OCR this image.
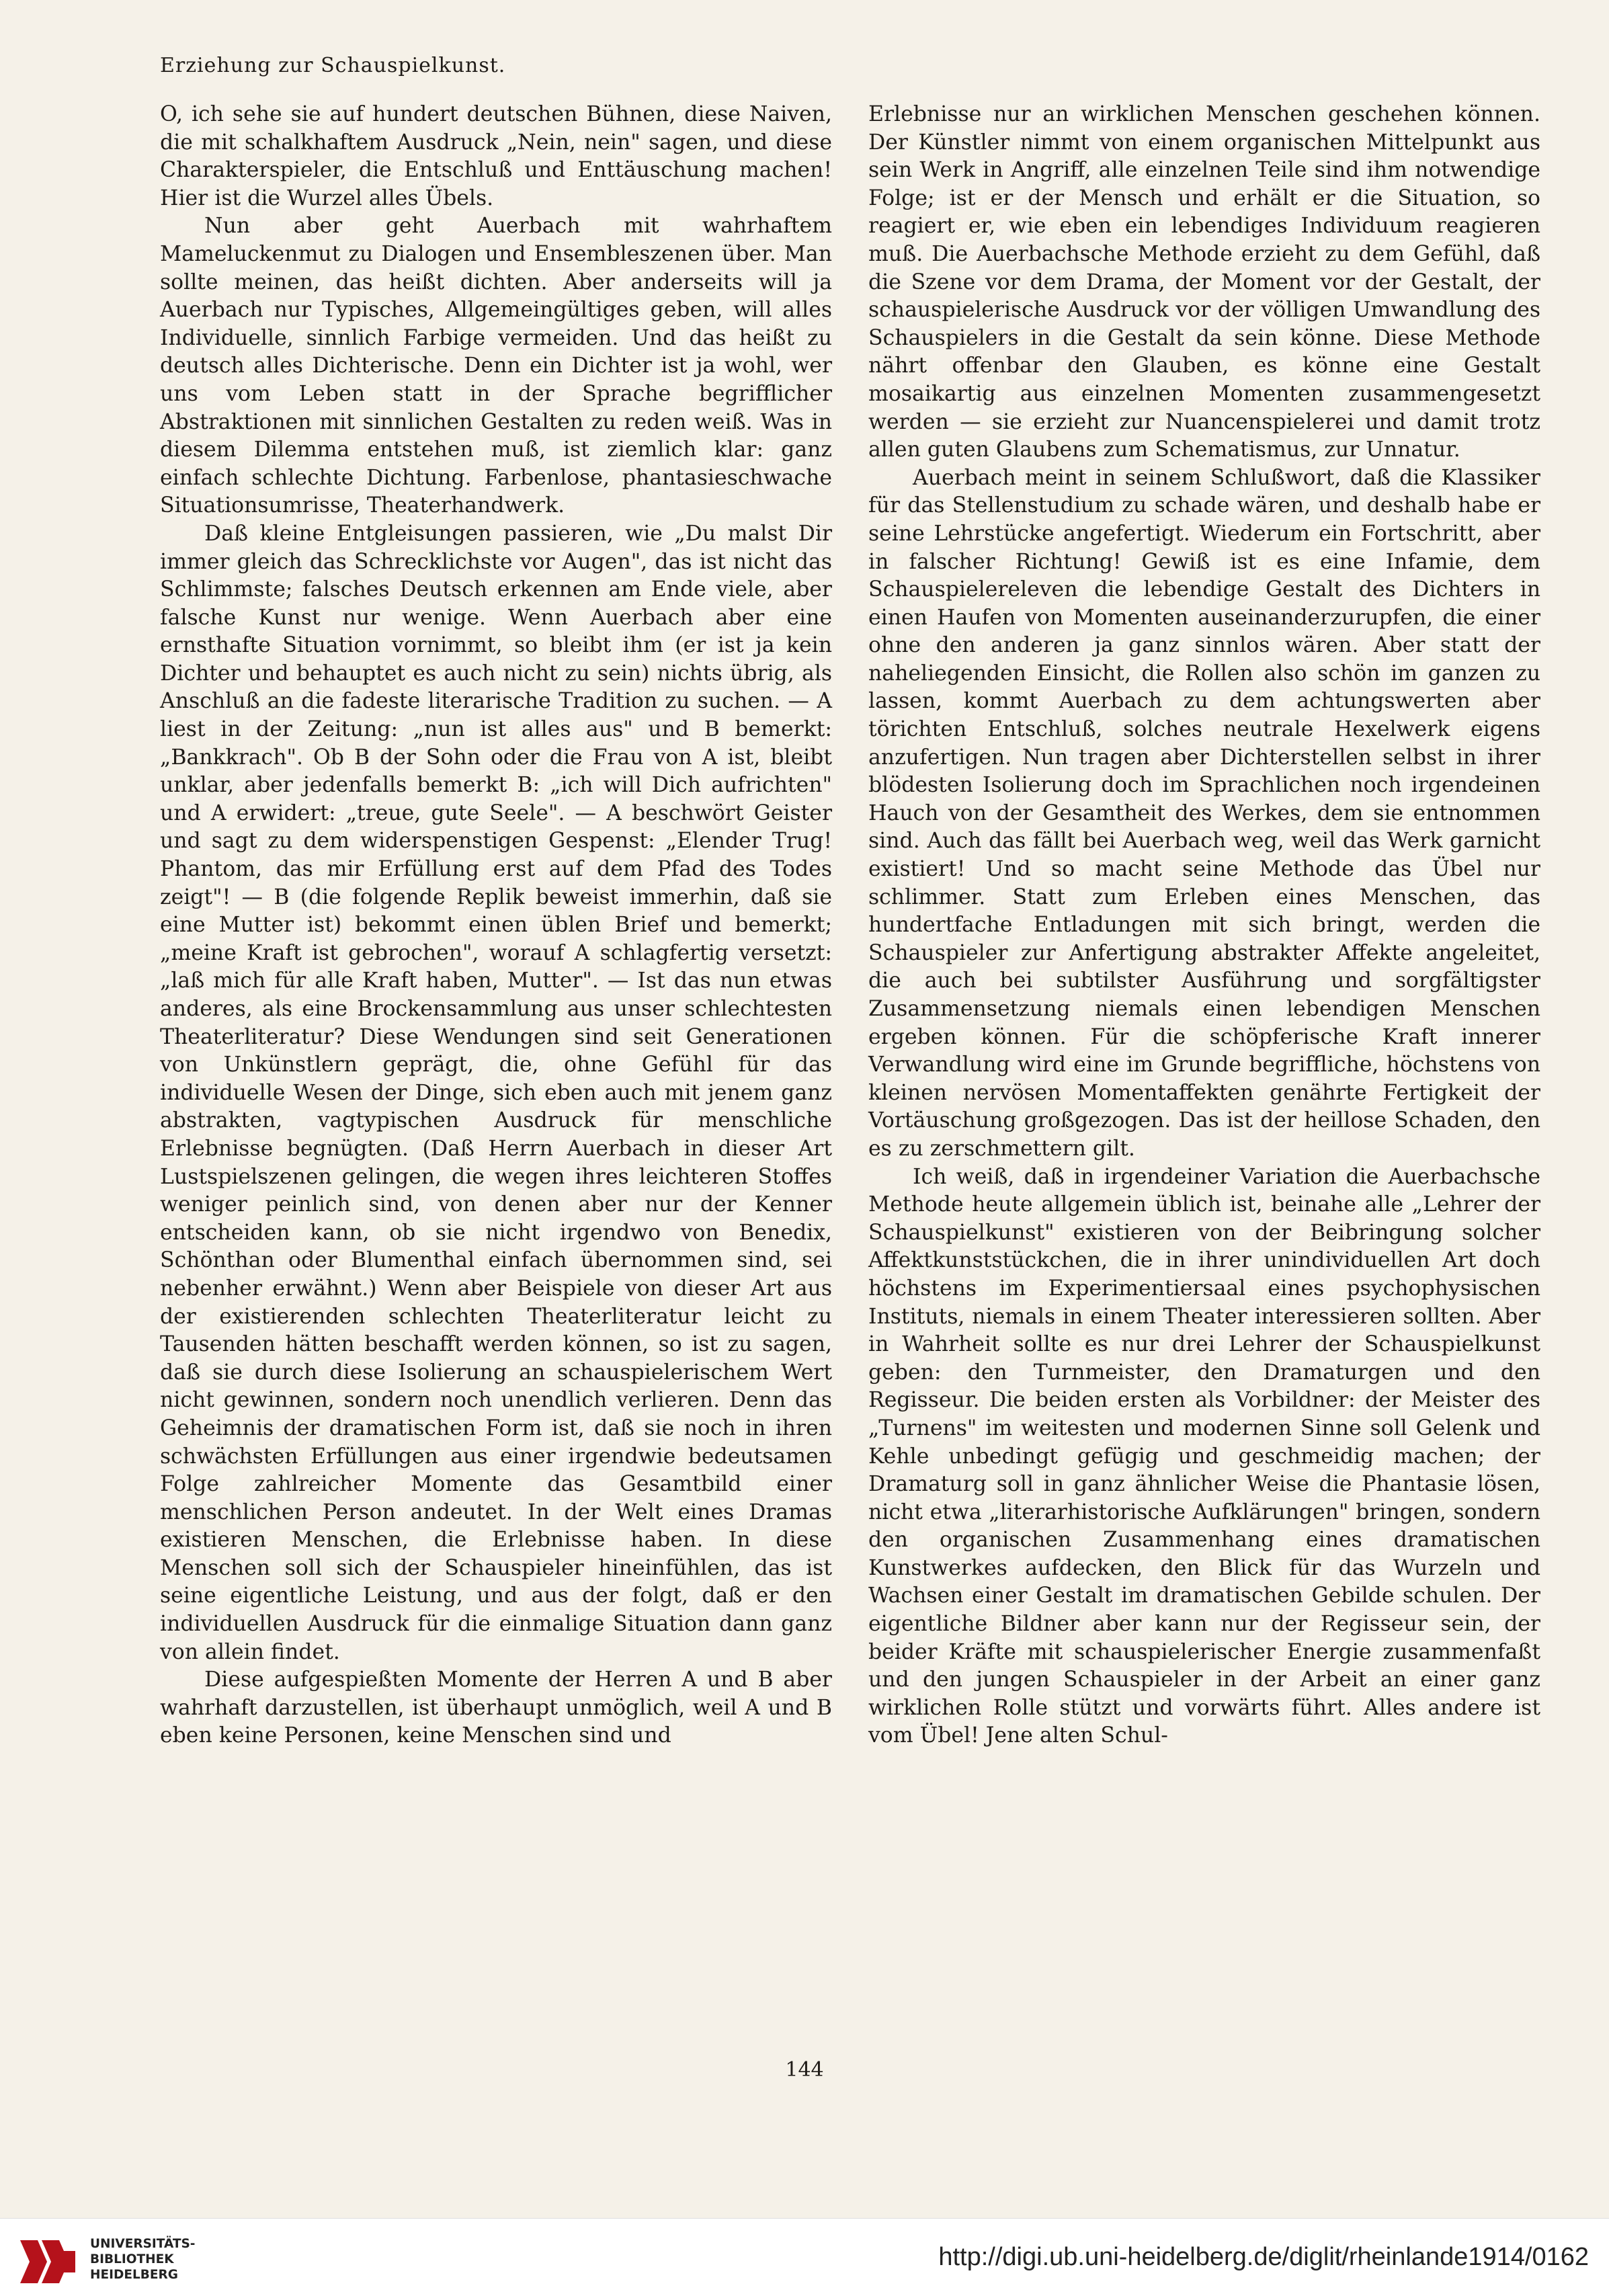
Erziehung zur Schauspielkunst.

O, ich sehe sie auf hundert deutschen Bühnen, diese Naiven, die mit schalkhaftem Ausdruck „Nein, nein" sagen, und diese Charakterspieler, die Entschluß und Enttäuschung machen! Hier ist die Wurzel alles Übels.

Nun aber geht Auerbach mit wahrhaftem Mameluckenmut zu Dialogen und Ensembleszenen über. Man sollte meinen, das heißt dichten. Aber anderseits will ja Auerbach nur Typisches, Allgemeingültiges geben, will alles Individuelle, sinnlich Farbige vermeiden. Und das heißt zu deutsch alles Dichterische. Denn ein Dichter ist ja wohl, wer uns vom Leben statt in der Sprache begrifflicher Abstraktionen mit sinnlichen Gestalten zu reden weiß. Was in diesem Dilemma entstehen muß, ist ziemlich klar: ganz einfach schlechte Dichtung. Farbenlose, phantasieschwache Situationsumrisse, Theaterhandwerk.

Daß kleine Entgleisungen passieren, wie „Du malst Dir immer gleich das Schrecklichste vor Augen", das ist nicht das Schlimmste; falsches Deutsch erkennen am Ende viele, aber falsche Kunst nur wenige. Wenn Auerbach aber eine ernsthafte Situation vornimmt, so bleibt ihm (er ist ja kein Dichter und behauptet es auch nicht zu sein) nichts übrig, als Anschluß an die fadeste literarische Tradition zu suchen. — A liest in der Zeitung: „nun ist alles aus" und B bemerkt: „Bankkrach". Ob B der Sohn oder die Frau von A ist, bleibt unklar, aber jedenfalls bemerkt B: „ich will Dich aufrichten" und A erwidert: „treue, gute Seele". — A beschwört Geister und sagt zu dem widerspenstigen Gespenst: „Elender Trug! Phantom, das mir Erfüllung erst auf dem Pfad des Todes zeigt"! — B (die folgende Replik beweist immerhin, daß sie eine Mutter ist) bekommt einen üblen Brief und bemerkt; „meine Kraft ist gebrochen", worauf A schlagfertig versetzt: „laß mich für alle Kraft haben, Mutter". — Ist das nun etwas anderes, als eine Brockensammlung aus unser schlechtesten Theaterliteratur? Diese Wendungen sind seit Generationen von Unkünstlern geprägt, die, ohne Gefühl für das individuelle Wesen der Dinge, sich eben auch mit jenem ganz abstrakten, vagtypischen Ausdruck für menschliche Erlebnisse begnügten. (Daß Herrn Auerbach in dieser Art Lustspielszenen gelingen, die wegen ihres leichteren Stoffes weniger peinlich sind, von denen aber nur der Kenner entscheiden kann, ob sie nicht irgendwo von Benedix, Schönthan oder Blumenthal einfach übernommen sind, sei nebenher erwähnt.) Wenn aber Beispiele von dieser Art aus der existierenden schlechten Theaterliteratur leicht zu Tausenden hätten beschafft werden können, so ist zu sagen, daß sie durch diese Isolierung an schauspielerischem Wert nicht gewinnen, sondern noch unendlich verlieren. Denn das Geheimnis der dramatischen Form ist, daß sie noch in ihren schwächsten Erfüllungen aus einer irgendwie bedeutsamen Folge zahlreicher Momente das Gesamtbild einer menschlichen Person andeutet. In der Welt eines Dramas existieren Menschen, die Erlebnisse haben. In diese Menschen soll sich der Schauspieler hineinfühlen, das ist seine eigentliche Leistung, und aus der folgt, daß er den individuellen Ausdruck für die einmalige Situation dann ganz von allein findet.

Diese aufgespießten Momente der Herren A und B aber wahrhaft darzustellen, ist überhaupt unmöglich, weil A und B eben keine Personen, keine Menschen sind und

Erlebnisse nur an wirklichen Menschen geschehen können. Der Künstler nimmt von einem organischen Mittelpunkt aus sein Werk in Angriff, alle einzelnen Teile sind ihm notwendige Folge; ist er der Mensch und erhält er die Situation, so reagiert er, wie eben ein lebendiges Individuum reagieren muß. Die Auerbachsche Methode erzieht zu dem Gefühl, daß die Szene vor dem Drama, der Moment vor der Gestalt, der schauspielerische Ausdruck vor der völligen Umwandlung des Schauspielers in die Gestalt da sein könne. Diese Methode nährt offenbar den Glauben, es könne eine Gestalt mosaikartig aus einzelnen Momenten zusammengesetzt werden — sie erzieht zur Nuancenspielerei und damit trotz allen guten Glaubens zum Schematismus, zur Unnatur.

Auerbach meint in seinem Schlußwort, daß die Klassiker für das Stellenstudium zu schade wären, und deshalb habe er seine Lehrstücke angefertigt. Wiederum ein Fortschritt, aber in falscher Richtung! Gewiß ist es eine Infamie, dem Schauspielereleven die lebendige Gestalt des Dichters in einen Haufen von Momenten auseinanderzurupfen, die einer ohne den anderen ja ganz sinnlos wären. Aber statt der naheliegenden Einsicht, die Rollen also schön im ganzen zu lassen, kommt Auerbach zu dem achtungswerten aber törichten Entschluß, solches neutrale Hexelwerk eigens anzufertigen. Nun tragen aber Dichterstellen selbst in ihrer blödesten Isolierung doch im Sprachlichen noch irgendeinen Hauch von der Gesamtheit des Werkes, dem sie entnommen sind. Auch das fällt bei Auerbach weg, weil das Werk garnicht existiert! Und so macht seine Methode das Übel nur schlimmer. Statt zum Erleben eines Menschen, das hundertfache Entladungen mit sich bringt, werden die Schauspieler zur Anfertigung abstrakter Affekte angeleitet, die auch bei subtilster Ausführung und sorgfältigster Zusammensetzung niemals einen lebendigen Menschen ergeben können. Für die schöpferische Kraft innerer Verwandlung wird eine im Grunde begriffliche, höchstens von kleinen nervösen Momentaffekten genährte Fertigkeit der Vortäuschung großgezogen. Das ist der heillose Schaden, den es zu zerschmettern gilt.

Ich weiß, daß in irgendeiner Variation die Auerbachsche Methode heute allgemein üblich ist, beinahe alle „Lehrer der Schauspielkunst" existieren von der Beibringung solcher Affektkunststückchen, die in ihrer unindividuellen Art doch höchstens im Experimentiersaal eines psychophysischen Instituts, niemals in einem Theater interessieren sollten. Aber in Wahrheit sollte es nur drei Lehrer der Schauspielkunst geben: den Turnmeister, den Dramaturgen und den Regisseur. Die beiden ersten als Vorbildner: der Meister des „Turnens" im weitesten und modernen Sinne soll Gelenk und Kehle unbedingt gefügig und geschmeidig machen; der Dramaturg soll in ganz ähnlicher Weise die Phantasie lösen, nicht etwa „literarhistorische Aufklärungen" bringen, sondern den organischen Zusammenhang eines dramatischen Kunstwerkes aufdecken, den Blick für das Wurzeln und Wachsen einer Gestalt im dramatischen Gebilde schulen. Der eigentliche Bildner aber kann nur der Regisseur sein, der beider Kräfte mit schauspielerischer Energie zusammenfaßt und den jungen Schauspieler in der Arbeit an einer ganz wirklichen Rolle stützt und vorwärts führt. Alles andere ist vom Übel! Jene alten Schul-

144
UNIVERSITÄTS-
BIBLIOTHEK
HEIDELBERG
http://digi.ub.uni-heidelberg.de/diglit/rheinlande1914/0162
